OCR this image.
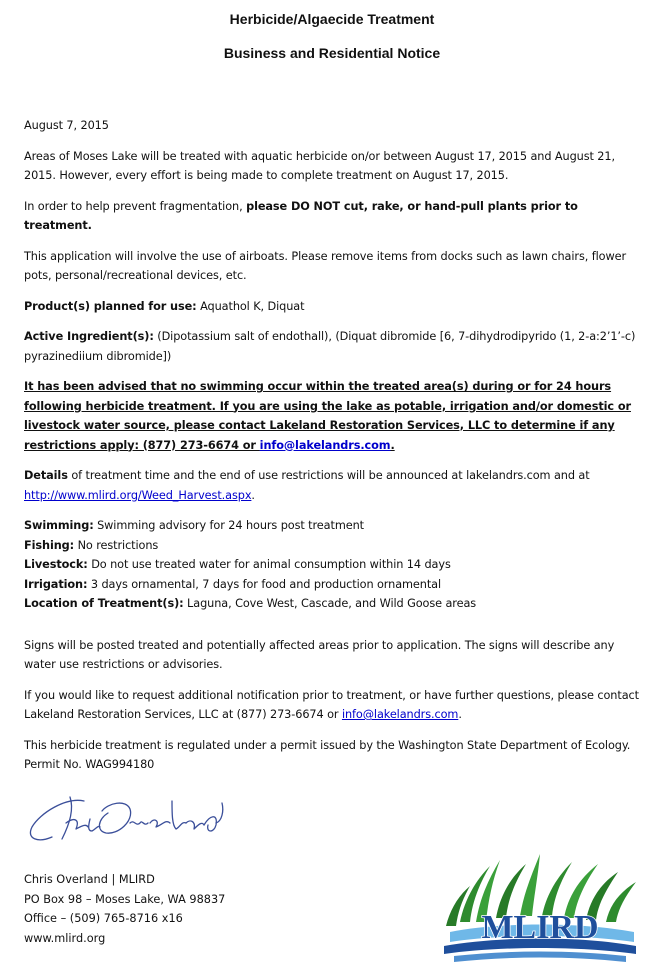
Herbicide/Algaecide Treatment
Business and Residential Notice

August 7, 2015

Areas of Moses Lake will be treated with aquatic herbicide on/or between August 17, 2015 and August 21, 2015. However, every effort is being made to complete treatment on August 17, 2015.

In order to help prevent fragmentation, please DO NOT cut, rake, or hand-pull plants prior to treatment.

This application will involve the use of airboats. Please remove items from docks such as lawn chairs, flower pots, personal/recreational devices, etc.

Product(s) planned for use: Aquathol K, Diquat

Active Ingredient(s): (Dipotassium salt of endothall), (Diquat dibromide [6, 7-dihydrodipyrido (1, 2-a:2’1’-c) pyrazinediium dibromide])

It has been advised that no swimming occur within the treated area(s) during or for 24 hours following herbicide treatment. If you are using the lake as potable, irrigation and/or domestic or livestock water source, please contact Lakeland Restoration Services, LLC to determine if any restrictions apply: (877) 273-6674 or info@lakelandrs.com.

Details of treatment time and the end of use restrictions will be announced at lakelandrs.com and at http://www.mlird.org/Weed_Harvest.aspx.

Swimming: Swimming advisory for 24 hours post treatment
Fishing: No restrictions
Livestock: Do not use treated water for animal consumption within 14 days
Irrigation: 3 days ornamental, 7 days for food and production ornamental
Location of Treatment(s): Laguna, Cove West, Cascade, and Wild Goose areas

Signs will be posted treated and potentially affected areas prior to application. The signs will describe any water use restrictions or advisories.

If you would like to request additional notification prior to treatment, or have further questions, please contact Lakeland Restoration Services, LLC at (877) 273-6674 or info@lakelandrs.com.

This herbicide treatment is regulated under a permit issued by the Washington State Department of Ecology. Permit No. WAG994180

Chris Overland | MLIRD
PO Box 98 – Moses Lake, WA 98837
Office – (509) 765-8716 x16
www.mlird.org	MLIRD
